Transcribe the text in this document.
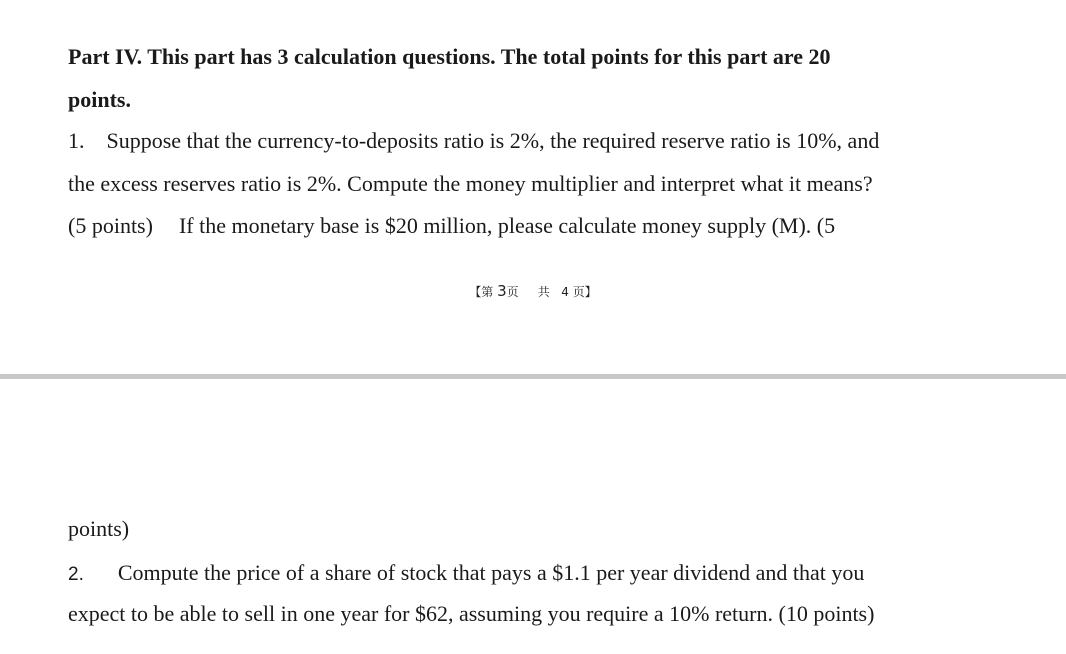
Part IV. This part has 3 calculation questions. The total points for this part are 20
points.
1. Suppose that the currency-to-deposits ratio is 2%, the required reserve ratio is 10%, and
the excess reserves ratio is 2%. Compute the money multiplier and interpret what it means?
(5 points) If the monetary base is $20 million, please calculate money supply (M). (5
【第 3页 共 4 页】
points)
2. Compute the price of a share of stock that pays a $1.1 per year dividend and that you
expect to be able to sell in one year for $62, assuming you require a 10% return. (10 points)
